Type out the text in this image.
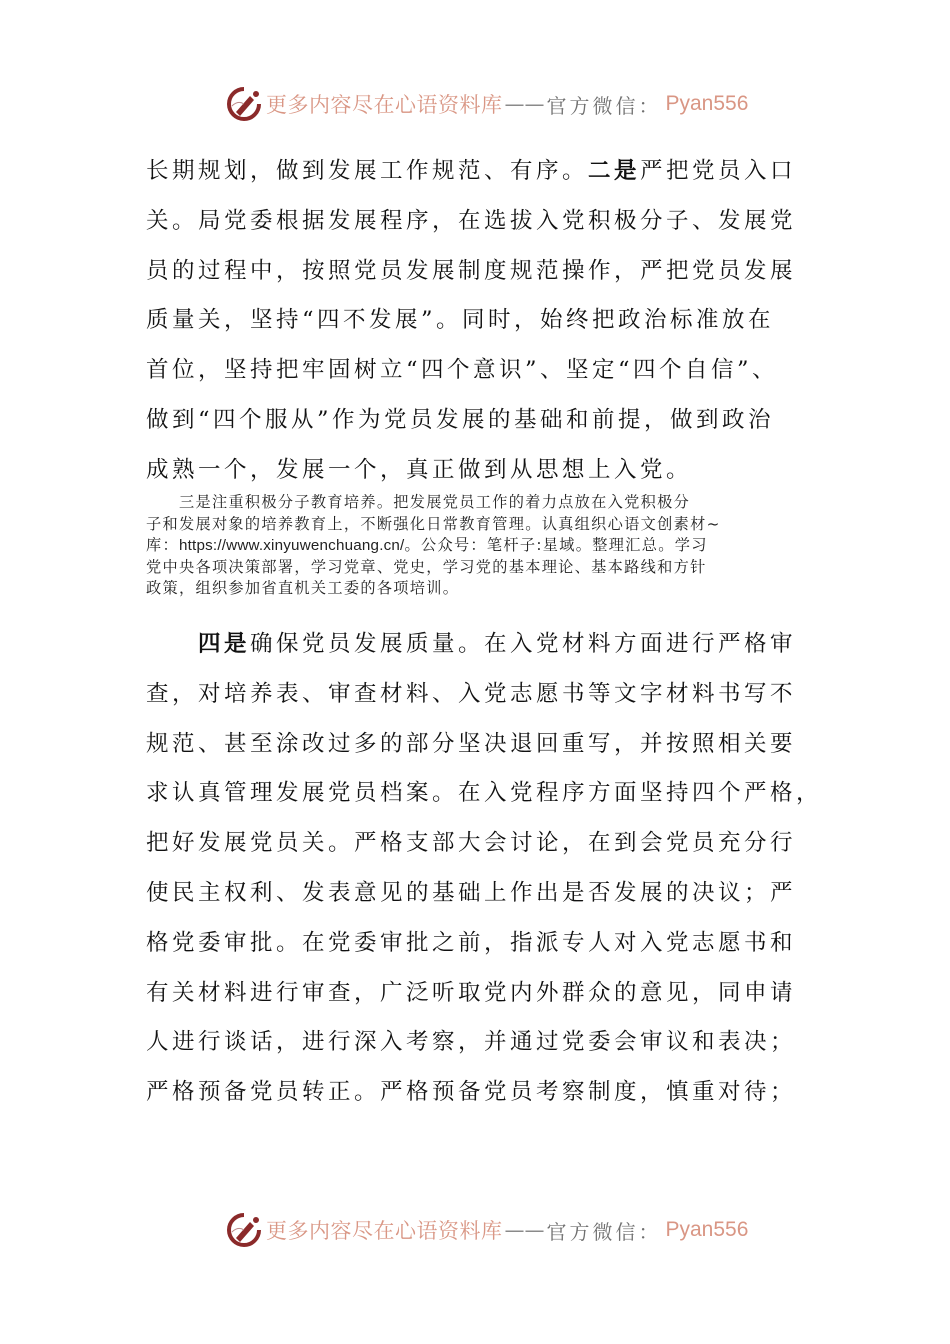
更多内容尽在心语资料库 —— 官方微信： Pyan556
长期规划，做到发展工作规范、有序。二是严把党员入口
关。局党委根据发展程序，在选拔入党积极分子、发展党
员的过程中，按照党员发展制度规范操作，严把党员发展
质量关，坚持“四不发展”。同时，始终把政治标准放在
首位，坚持把牢固树立“四个意识”、坚定“四个自信”、
做到“四个服从”作为党员发展的基础和前提，做到政治
成熟一个，发展一个，真正做到从思想上入党。
　　三是注重积极分子教育培养。把发展党员工作的着力点放在入党积极分
子和发展对象的培养教育上，不断强化日常教育管理。认真组织心语文创素材~
库：https://www.xinyuwenchuang.cn/。公众号：笔杆子:星域。整理汇总。学习
党中央各项决策部署，学习党章、党史，学习党的基本理论、基本路线和方针
政策，组织参加省直机关工委的各项培训。
　　四是确保党员发展质量。在入党材料方面进行严格审
查，对培养表、审查材料、入党志愿书等文字材料书写不
规范、甚至涂改过多的部分坚决退回重写，并按照相关要
求认真管理发展党员档案。在入党程序方面坚持四个严格，
把好发展党员关。严格支部大会讨论，在到会党员充分行
使民主权利、发表意见的基础上作出是否发展的决议；严
格党委审批。在党委审批之前，指派专人对入党志愿书和
有关材料进行审查，广泛听取党内外群众的意见，同申请
人进行谈话，进行深入考察，并通过党委会审议和表决；
严格预备党员转正。严格预备党员考察制度，慎重对待；
更多内容尽在心语资料库 —— 官方微信： Pyan556
